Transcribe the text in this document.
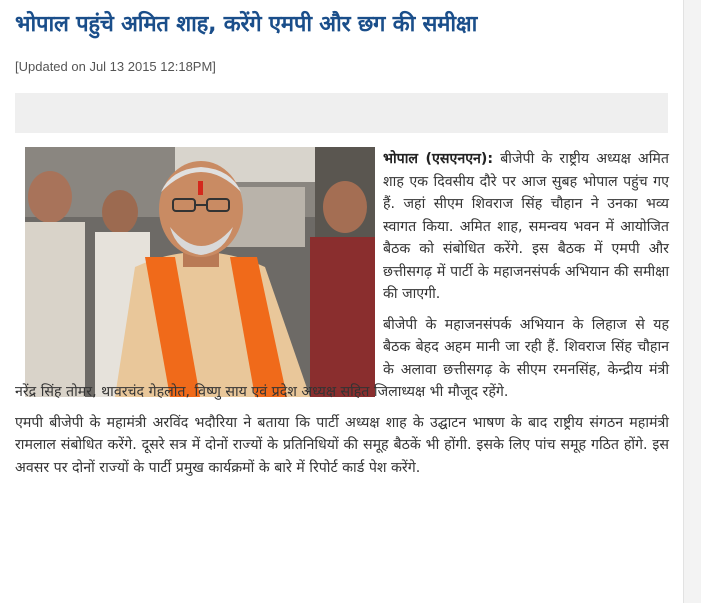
भोपाल पहुंचे अमित शाह, करेंगे एमपी और छग की समीक्षा
[Updated on Jul 13 2015 12:18PM]

भोपाल (एसएनएन): बीजेपी के राष्ट्रीय अध्यक्ष अमित शाह एक दिवसीय दौरे पर आज सुबह भोपाल पहुंच गए हैं. जहां सीएम शिवराज सिंह चौहान ने उनका भव्य स्वागत किया. अमित शाह, समन्वय भवन में आयोजित बैठक को संबोधित करेंगे. इस बैठक में एमपी और छत्तीसगढ़ में पार्टी के महाजनसंपर्क अभियान की समीक्षा की जाएगी.

बीजेपी के महाजनसंपर्क अभियान के लिहाज से यह बैठक बेहद अहम मानी जा रही हैं. शिवराज सिंह चौहान के अलावा छत्तीसगढ़ के सीएम रमनसिंह, केन्द्रीय मंत्री नरेंद्र सिंह तोमर, थावरचंद गेहलोत, विष्णु साय एवं प्रदेश अध्यक्ष सहित जिलाध्यक्ष भी मौजूद रहेंगे.

एमपी बीजेपी के महामंत्री अरविंद भदौरिया ने बताया कि पार्टी अध्यक्ष शाह के उद्घाटन भाषण के बाद राष्ट्रीय संगठन महामंत्री रामलाल संबोधित करेंगे. दूसरे सत्र में दोनों राज्यों के प्रतिनिधियों की समूह बैठकें भी होंगी. इसके लिए पांच समूह गठित होंगे. इस अवसर पर दोनों राज्यों के पार्टी प्रमुख कार्यक्रमों के बारे में रिपोर्ट कार्ड पेश करेंगे.
